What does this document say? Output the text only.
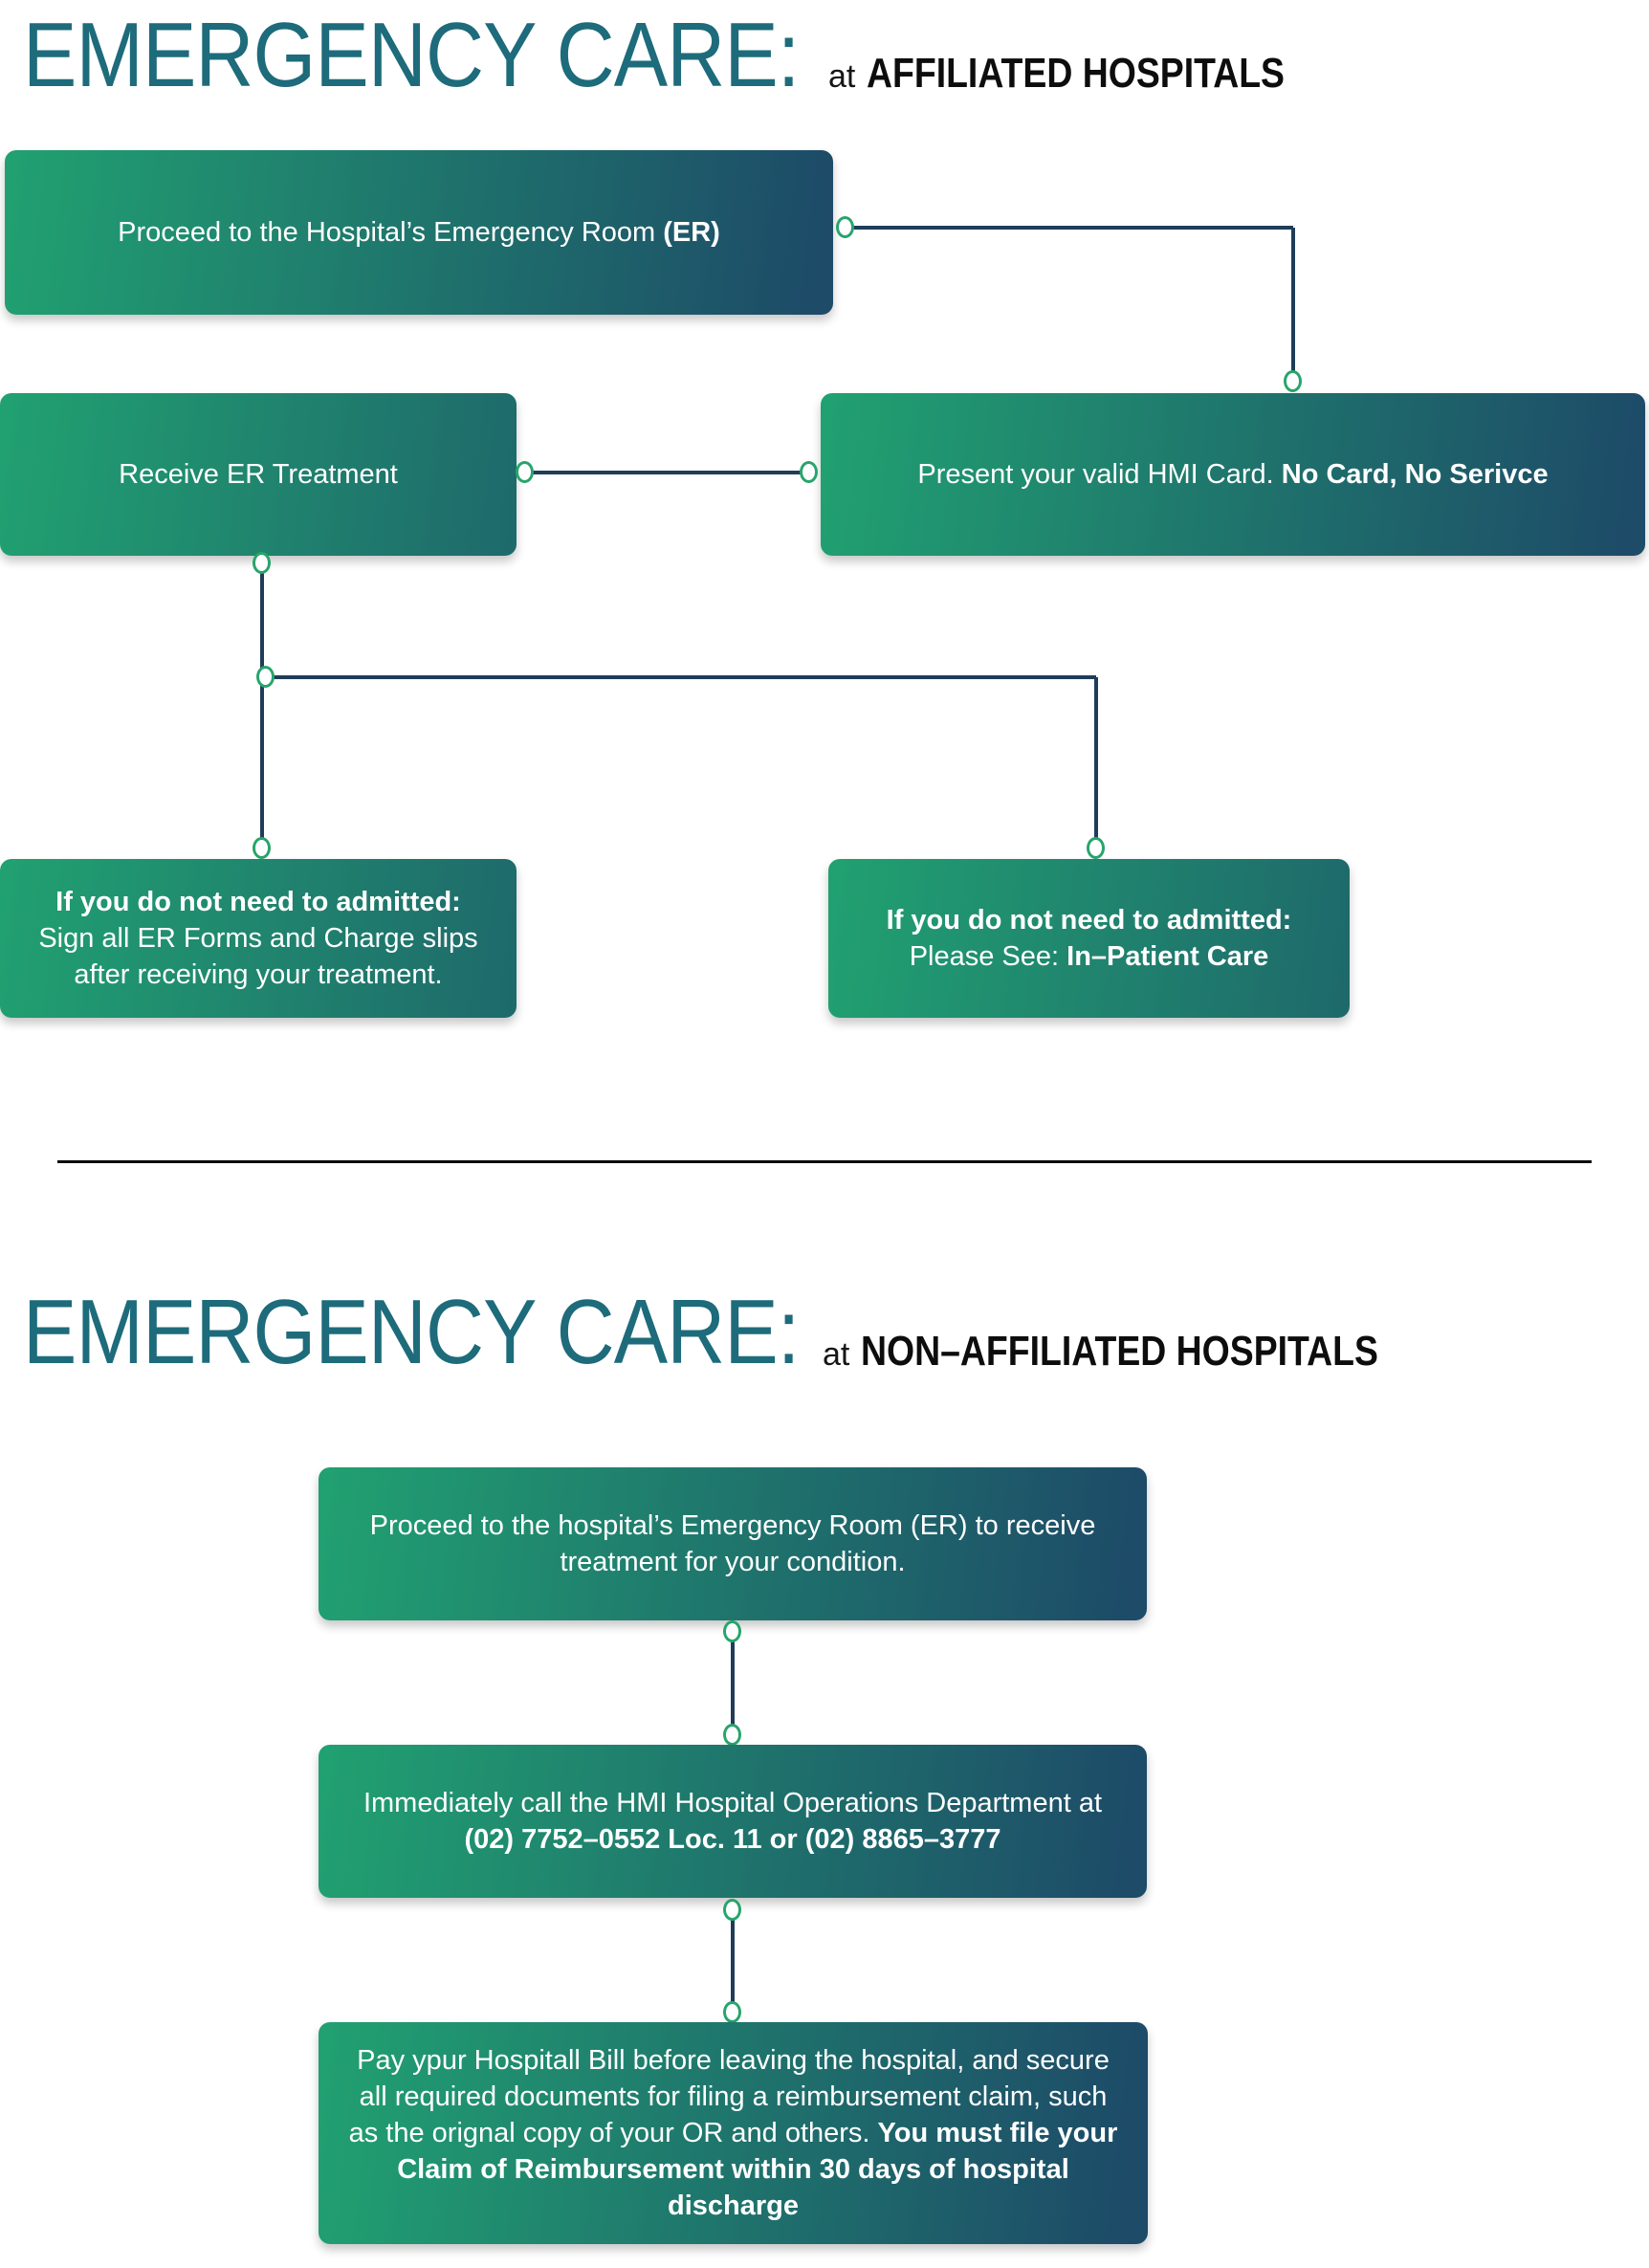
EMERGENCY CARE: at AFFILIATED HOSPITALS
Proceed to the Hospital’s Emergency Room (ER)
Receive ER Treatment	Present your valid HMI Card. No Card, No Serivce
If you do not need to admitted:
Sign all ER Forms and Charge slips
after receiving your treatment.
If you do not need to admitted:
Please See: In–Patient Care
EMERGENCY CARE: at NON–AFFILIATED HOSPITALS
Proceed to the hospital’s Emergency Room (ER) to receive
treatment for your condition.
Immediately call the HMI Hospital Operations Department at
(02) 7752–0552 Loc. 11 or (02) 8865–3777
Pay ypur Hospitall Bill before leaving the hospital, and secure
all required documents for filing a reimbursement claim, such
as the orignal copy of your OR and others. You must file your
Claim of Reimbursement within 30 days of hospital
discharge
